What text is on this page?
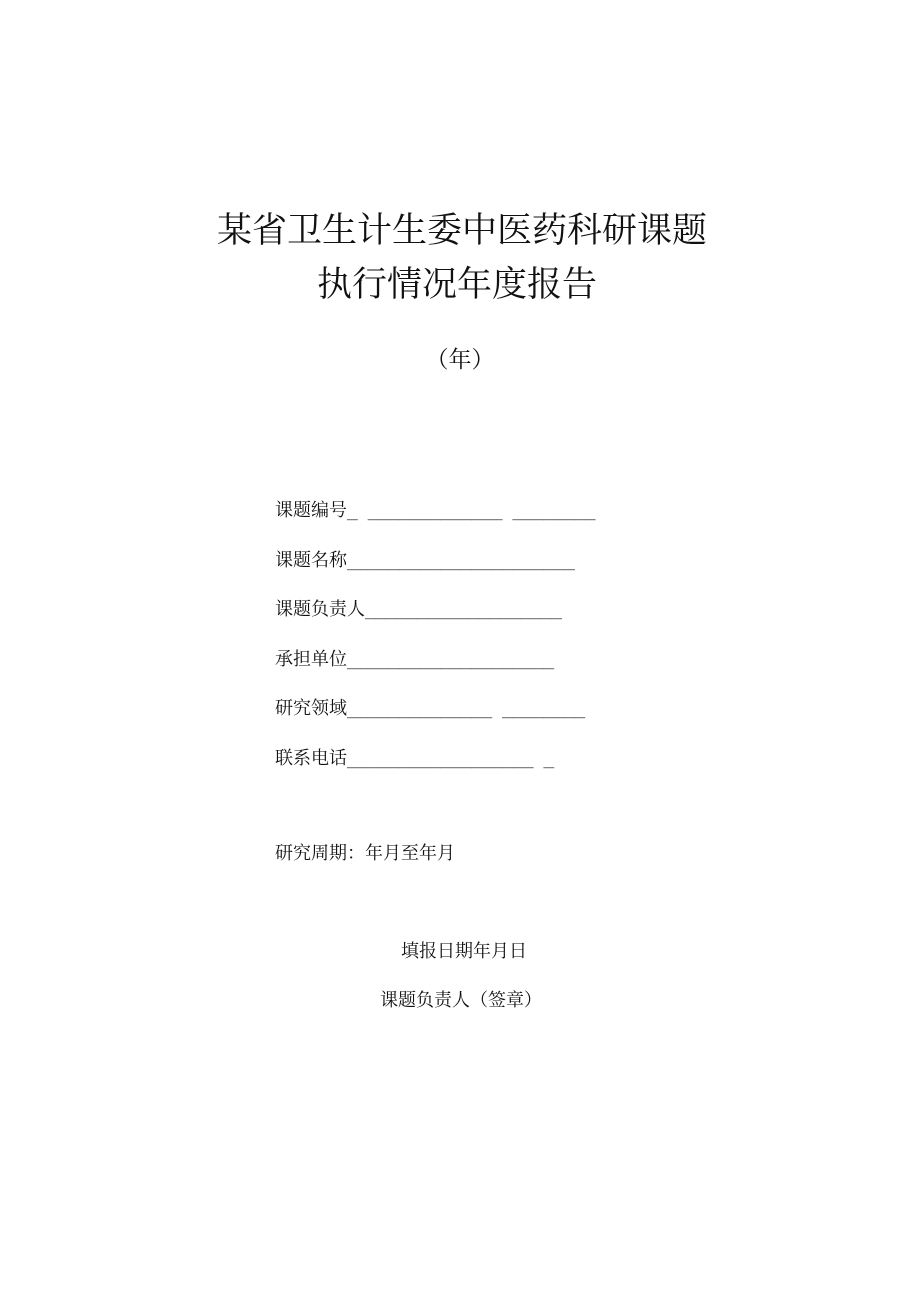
某省卫生计生委中医药科研课题
执行情况年度报告
（年）
课题编号 _ _____________ ________
课题名称 ______________________
课题负责人 ___________________
承担单位 ____________________
研究领域 ______________ ________
联系电话 __________________ _
研究周期：年月至年月
填报日期年月日
课题负责人（签章）
